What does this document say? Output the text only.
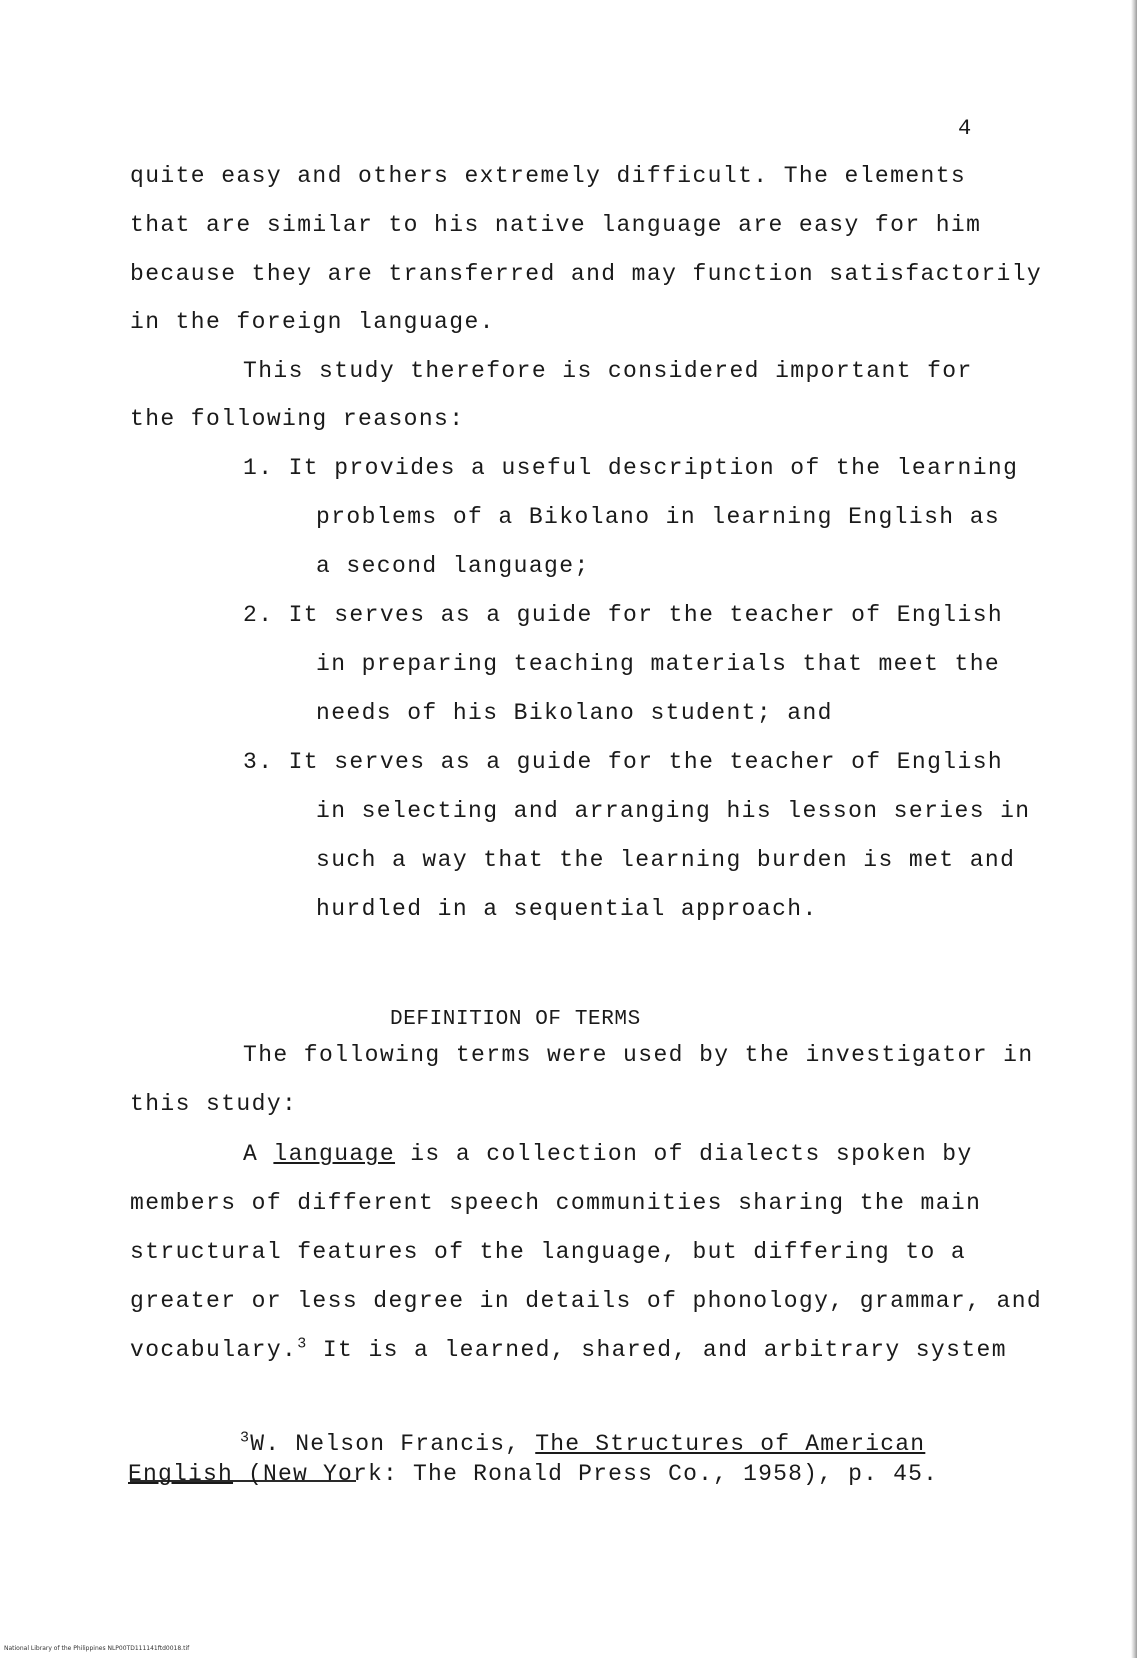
4
quite easy and others extremely difficult. The elements
that are similar to his native language are easy for him
because they are transferred and may function satisfactorily
in the foreign language.
This study therefore is considered important for
the following reasons:
1. It provides a useful description of the learning
problems of a Bikolano in learning English as
a second language;
2. It serves as a guide for the teacher of English
in preparing teaching materials that meet the
needs of his Bikolano student; and
3. It serves as a guide for the teacher of English
in selecting and arranging his lesson series in
such a way that the learning burden is met and
hurdled in a sequential approach.
DEFINITION OF TERMS
The following terms were used by the investigator in
this study:
A language is a collection of dialects spoken by
members of different speech communities sharing the main
structural features of the language, but differing to a
greater or less degree in details of phonology, grammar, and
vocabulary.$^3$ It is a learned, shared, and arbitrary system
$^3$W. Nelson Francis, The Structures of American
English (New York: The Ronald Press Co., 1958), p. 45.
National Library of the Philippines NLP00TD111141ftd0018.tif
